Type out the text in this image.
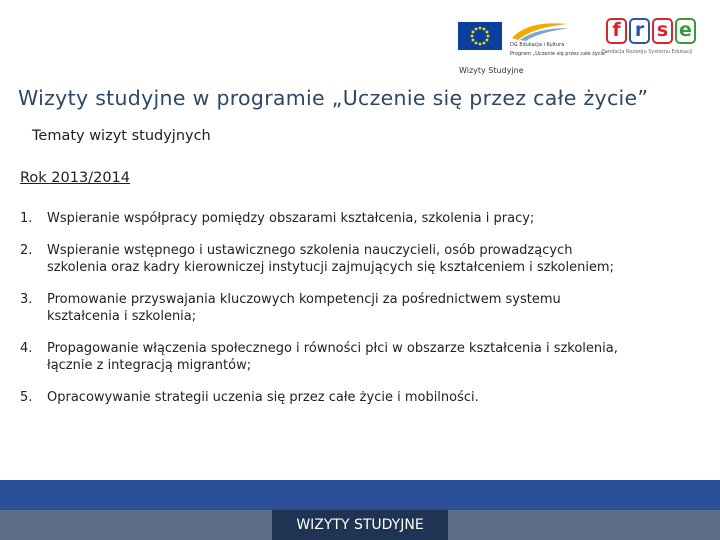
DG Edukacja i Kultura
Program „Uczenie się przez całe życie”
Wizyty Studyjne
f r s e
Fundacja Rozwoju Systemu Edukacji
Wizyty studyjne w programie „Uczenie się przez całe życie”
Tematy wizyt studyjnych
Rok 2013/2014
1. Wspieranie współpracy pomiędzy obszarami kształcenia, szkolenia i pracy;
2. Wspieranie wstępnego i ustawicznego szkolenia nauczycieli, osób prowadzących
szkolenia oraz kadry kierowniczej instytucji zajmujących się kształceniem i szkoleniem;
3. Promowanie przyswajania kluczowych kompetencji za pośrednictwem systemu
kształcenia i szkolenia;
4. Propagowanie włączenia społecznego i równości płci w obszarze kształcenia i szkolenia,
łącznie z integracją migrantów;
5. Opracowywanie strategii uczenia się przez całe życie i mobilności.
WIZYTY STUDYJNE
